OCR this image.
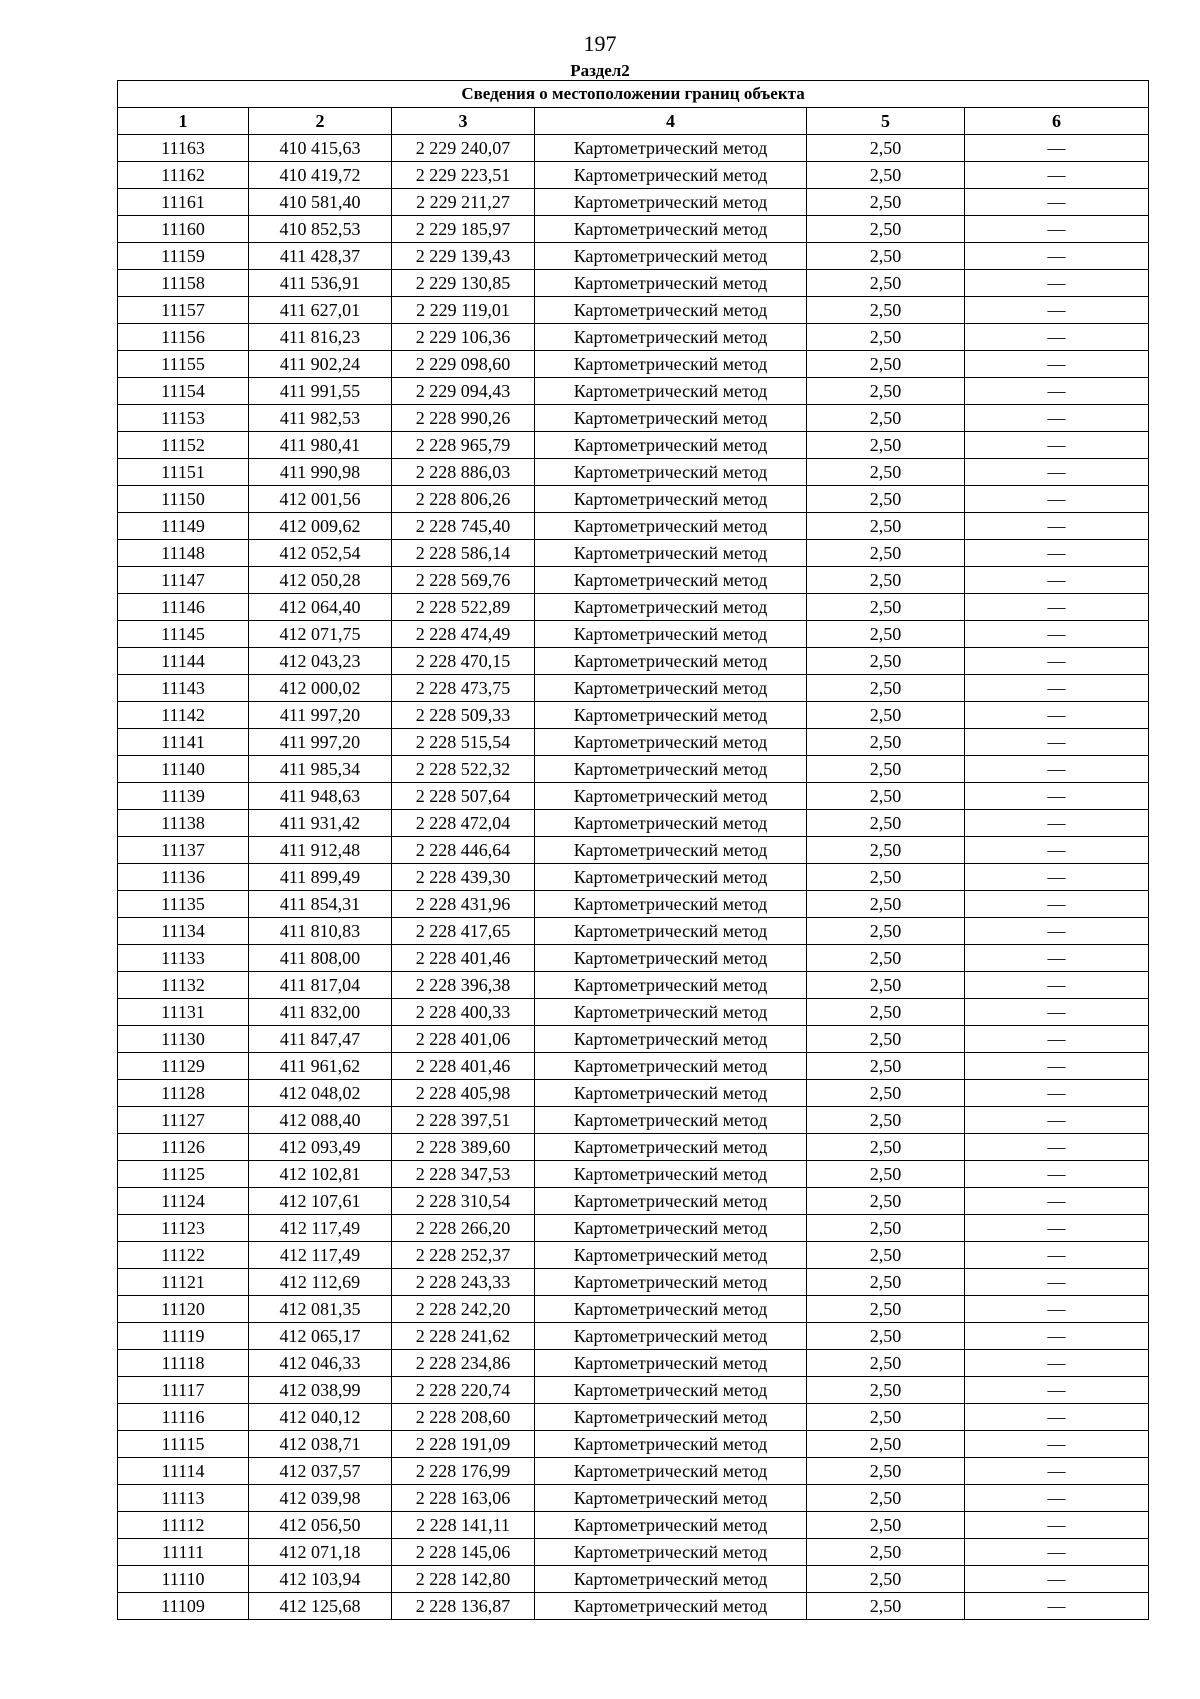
197
Раздел2
Сведения о местоположении границ объекта					
1	2	3	4	5	6
11163	410 415,63	2 229 240,07	Картометрический метод	2,50	—
11162	410 419,72	2 229 223,51	Картометрический метод	2,50	—
11161	410 581,40	2 229 211,27	Картометрический метод	2,50	—
11160	410 852,53	2 229 185,97	Картометрический метод	2,50	—
11159	411 428,37	2 229 139,43	Картометрический метод	2,50	—
11158	411 536,91	2 229 130,85	Картометрический метод	2,50	—
11157	411 627,01	2 229 119,01	Картометрический метод	2,50	—
11156	411 816,23	2 229 106,36	Картометрический метод	2,50	—
11155	411 902,24	2 229 098,60	Картометрический метод	2,50	—
11154	411 991,55	2 229 094,43	Картометрический метод	2,50	—
11153	411 982,53	2 228 990,26	Картометрический метод	2,50	—
11152	411 980,41	2 228 965,79	Картометрический метод	2,50	—
11151	411 990,98	2 228 886,03	Картометрический метод	2,50	—
11150	412 001,56	2 228 806,26	Картометрический метод	2,50	—
11149	412 009,62	2 228 745,40	Картометрический метод	2,50	—
11148	412 052,54	2 228 586,14	Картометрический метод	2,50	—
11147	412 050,28	2 228 569,76	Картометрический метод	2,50	—
11146	412 064,40	2 228 522,89	Картометрический метод	2,50	—
11145	412 071,75	2 228 474,49	Картометрический метод	2,50	—
11144	412 043,23	2 228 470,15	Картометрический метод	2,50	—
11143	412 000,02	2 228 473,75	Картометрический метод	2,50	—
11142	411 997,20	2 228 509,33	Картометрический метод	2,50	—
11141	411 997,20	2 228 515,54	Картометрический метод	2,50	—
11140	411 985,34	2 228 522,32	Картометрический метод	2,50	—
11139	411 948,63	2 228 507,64	Картометрический метод	2,50	—
11138	411 931,42	2 228 472,04	Картометрический метод	2,50	—
11137	411 912,48	2 228 446,64	Картометрический метод	2,50	—
11136	411 899,49	2 228 439,30	Картометрический метод	2,50	—
11135	411 854,31	2 228 431,96	Картометрический метод	2,50	—
11134	411 810,83	2 228 417,65	Картометрический метод	2,50	—
11133	411 808,00	2 228 401,46	Картометрический метод	2,50	—
11132	411 817,04	2 228 396,38	Картометрический метод	2,50	—
11131	411 832,00	2 228 400,33	Картометрический метод	2,50	—
11130	411 847,47	2 228 401,06	Картометрический метод	2,50	—
11129	411 961,62	2 228 401,46	Картометрический метод	2,50	—
11128	412 048,02	2 228 405,98	Картометрический метод	2,50	—
11127	412 088,40	2 228 397,51	Картометрический метод	2,50	—
11126	412 093,49	2 228 389,60	Картометрический метод	2,50	—
11125	412 102,81	2 228 347,53	Картометрический метод	2,50	—
11124	412 107,61	2 228 310,54	Картометрический метод	2,50	—
11123	412 117,49	2 228 266,20	Картометрический метод	2,50	—
11122	412 117,49	2 228 252,37	Картометрический метод	2,50	—
11121	412 112,69	2 228 243,33	Картометрический метод	2,50	—
11120	412 081,35	2 228 242,20	Картометрический метод	2,50	—
11119	412 065,17	2 228 241,62	Картометрический метод	2,50	—
11118	412 046,33	2 228 234,86	Картометрический метод	2,50	—
11117	412 038,99	2 228 220,74	Картометрический метод	2,50	—
11116	412 040,12	2 228 208,60	Картометрический метод	2,50	—
11115	412 038,71	2 228 191,09	Картометрический метод	2,50	—
11114	412 037,57	2 228 176,99	Картометрический метод	2,50	—
11113	412 039,98	2 228 163,06	Картометрический метод	2,50	—
11112	412 056,50	2 228 141,11	Картометрический метод	2,50	—
11111	412 071,18	2 228 145,06	Картометрический метод	2,50	—
11110	412 103,94	2 228 142,80	Картометрический метод	2,50	—
11109	412 125,68	2 228 136,87	Картометрический метод	2,50	—
